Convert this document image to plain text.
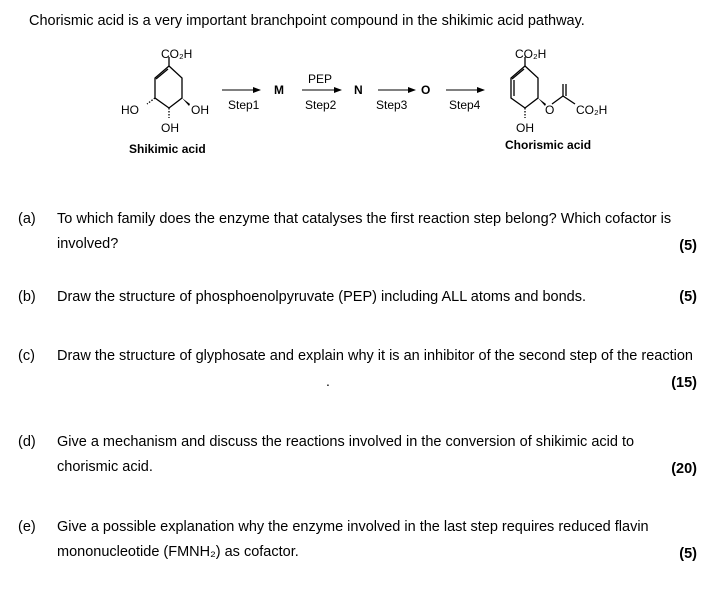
Chorismic acid is a very important branchpoint compound in the shikimic acid pathway.
CO₂H
HO	OH
OH
Shikimic acid
Step1
M
PEP
Step2
N
Step3
O
Step4
CO₂H
O CO₂H
OH
Chorismic acid
(a) To which family does the enzyme that catalyses the first reaction step belong? Which cofactor is involved?	(5)
(b) Draw the structure of phosphoenolpyruvate (PEP) including ALL atoms and bonds.	(5)
(c) Draw the structure of glyphosate and explain why it is an inhibitor of the second step of the reaction
(15)
.
(d) Give a mechanism and discuss the reactions involved in the conversion of shikimic acid to chorismic acid.	(20)
(e) Give a possible explanation why the enzyme involved in the last step requires reduced flavin mononucleotide (FMNH₂) as cofactor.	(5)
